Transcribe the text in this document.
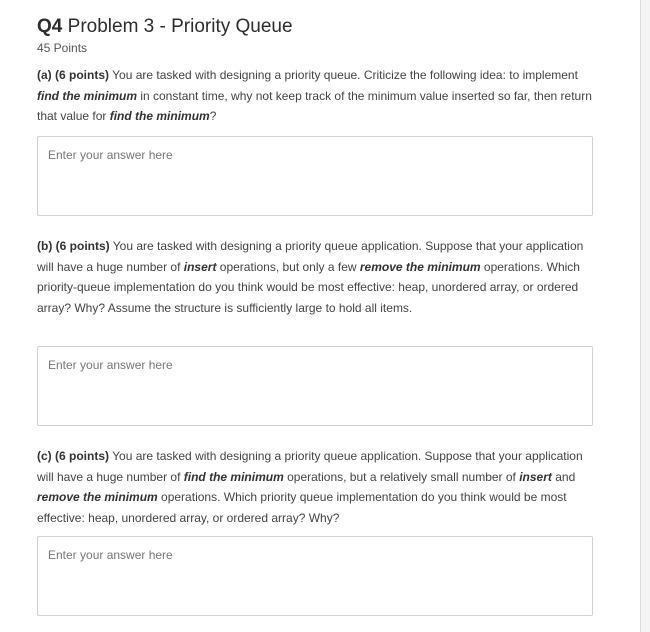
Q4 Problem 3 - Priority Queue
45 Points
(a) (6 points) You are tasked with designing a priority queue. Criticize the following idea: to implement find the minimum in constant time, why not keep track of the minimum value inserted so far, then return that value for find the minimum?
Enter your answer here
(b) (6 points) You are tasked with designing a priority queue application. Suppose that your application will have a huge number of insert operations, but only a few remove the minimum operations. Which priority-queue implementation do you think would be most effective: heap, unordered array, or ordered array? Why? Assume the structure is sufficiently large to hold all items.
Enter your answer here
(c) (6 points) You are tasked with designing a priority queue application. Suppose that your application will have a huge number of find the minimum operations, but a relatively small number of insert and remove the minimum operations. Which priority queue implementation do you think would be most effective: heap, unordered array, or ordered array? Why?
Enter your answer here
